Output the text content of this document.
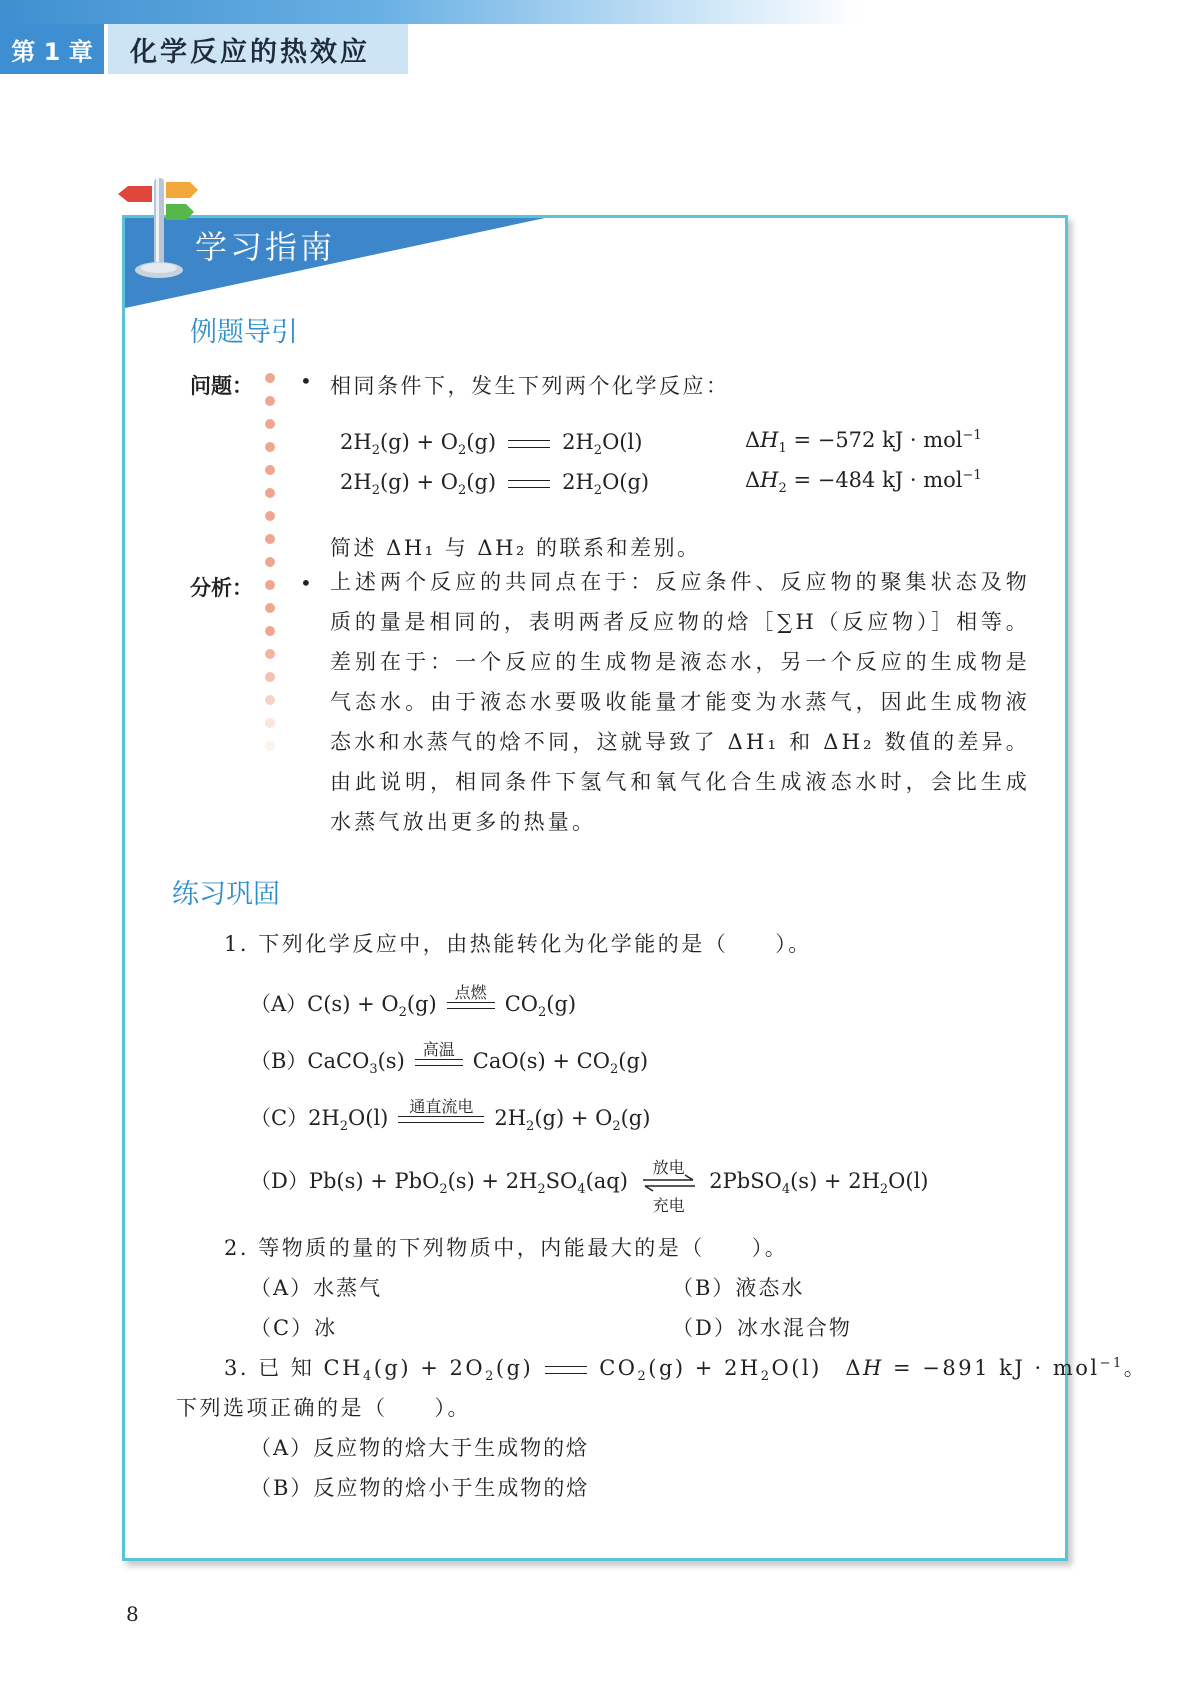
第 1 章	化学反应的热效应
学习指南
例题导引
问题： • 相同条件下，发生下列两个化学反应：
$2H_2(g) + O_2(g)$	$2H_2O(l)$	$\Delta H_1 = -572$ kJ · mol$^{-1}$
$2H_2(g) + O_2(g)$	$2H_2O(g)$	$\Delta H_2 = -484$ kJ · mol$^{-1}$
简述 ΔH₁ 与 ΔH₂ 的联系和差别。
分析： • 上述两个反应的共同点在于：反应条件、反应物的聚集状态及物质的量是相同的，表明两者反应物的焓［∑H（反应物）］相等。差别在于：一个反应的生成物是液态水，另一个反应的生成物是气态水。由于液态水要吸收能量才能变为水蒸气，因此生成物液态水和水蒸气的焓不同，这就导致了 ΔH₁ 和 ΔH₂ 数值的差异。由此说明，相同条件下氢气和氧气化合生成液态水时，会比生成水蒸气放出更多的热量。
练习巩固
1. 下列化学反应中，由热能转化为化学能的是（　　）。
$(A)C(s) + O_2(g)$	点燃 $CO_2(g)$
（B）CaCO$_3$(s)	高温 $CaO(s) + CO_2(g)$
$(C)2H_2O(l)$	通直流电	$2H_2(g) + O_2(g)$
$(D)Pb(s) + PbO_2(s) + 2H_2SO_4(aq)$
放电
充电
2PbSO$_4$(s) + $2H_2O(l)$
2. 等物质的量的下列物质中，内能最大的是（　　）。
（A）水蒸气	（B）液态水
（C）冰	（D）冰水混合物
3. 已 知 $CH_4(g) + 2O_2(g)$	$CO_2(g) + 2H_2O(l)$　ΔH = −891 kJ · mol$^{-1}$。
下列选项正确的是（　　）。
（A）反应物的焓大于生成物的焓
（B）反应物的焓小于生成物的焓
8
